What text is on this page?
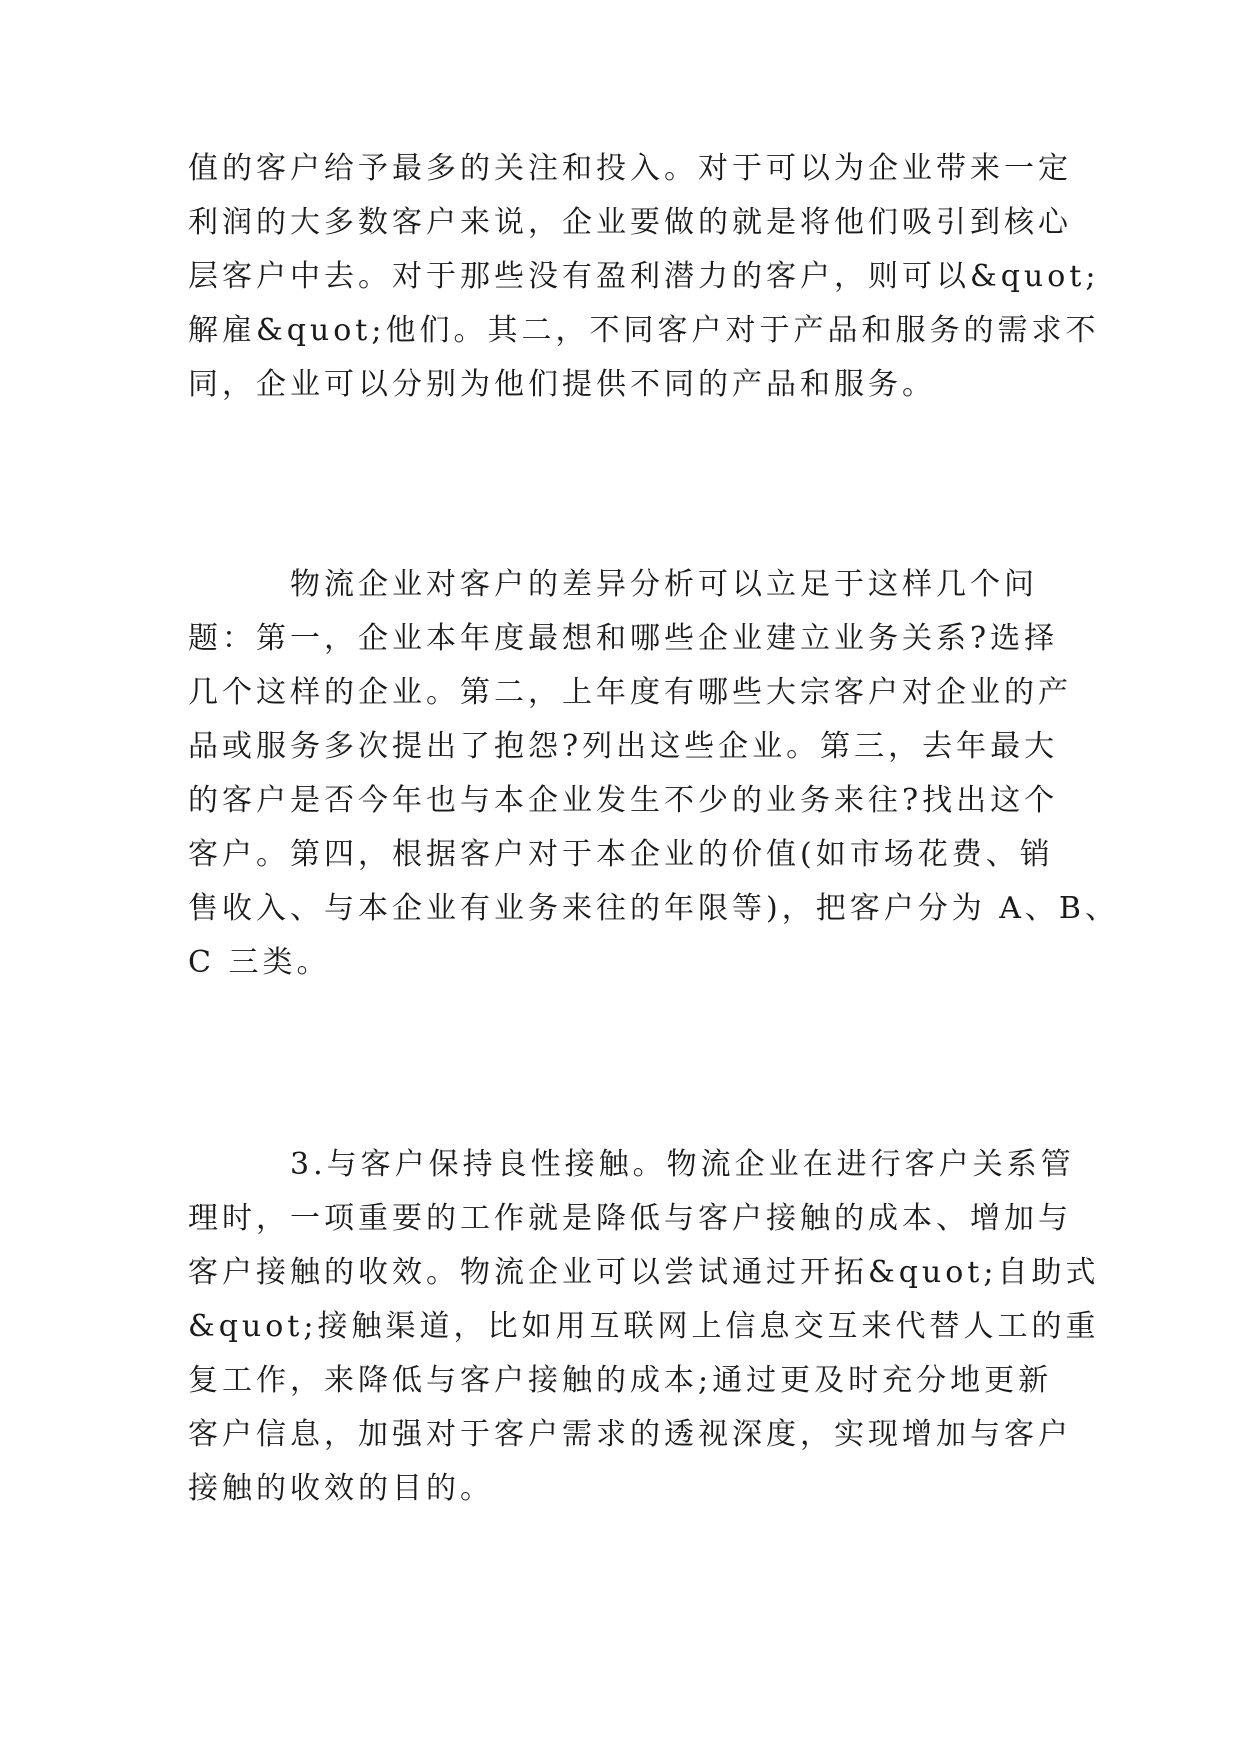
值的客户给予最多的关注和投入。对于可以为企业带来一定
利润的大多数客户来说，企业要做的就是将他们吸引到核心
层客户中去。对于那些没有盈利潜力的客户，则可以&quot;
解雇&quot;他们。其二，不同客户对于产品和服务的需求不
同，企业可以分别为他们提供不同的产品和服务。
　　　物流企业对客户的差异分析可以立足于这样几个问
题：第一，企业本年度最想和哪些企业建立业务关系?选择
几个这样的企业。第二，上年度有哪些大宗客户对企业的产
品或服务多次提出了抱怨?列出这些企业。第三，去年最大
的客户是否今年也与本企业发生不少的业务来往?找出这个
客户。第四，根据客户对于本企业的价值(如市场花费、销
售收入、与本企业有业务来往的年限等)，把客户分为 A、B、
C 三类。
　　　3.与客户保持良性接触。物流企业在进行客户关系管
理时，一项重要的工作就是降低与客户接触的成本、增加与
客户接触的收效。物流企业可以尝试通过开拓&quot;自助式
&quot;接触渠道，比如用互联网上信息交互来代替人工的重
复工作，来降低与客户接触的成本;通过更及时充分地更新
客户信息，加强对于客户需求的透视深度，实现增加与客户
接触的收效的目的。
